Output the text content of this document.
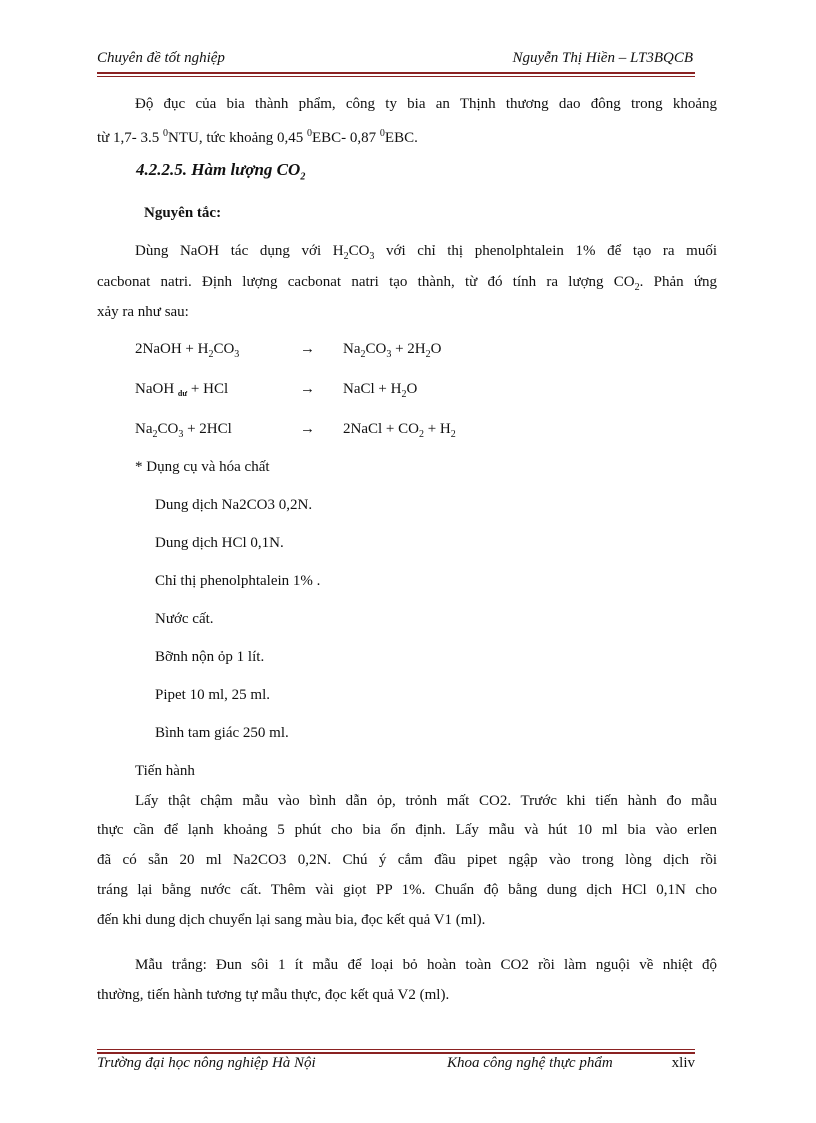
Chuyên đề tốt nghiệp	Nguyễn Thị Hiền – LT3BQCB
Độ đục của bia thành phẩm, công ty bia an Thịnh thương dao đông trong khoảng
từ 1,7- 3.5 $^0$NTU, tức khoảng 0,45 $^0$EBC- 0,87 $^0$EBC.
4.2.2.5. Hàm lượng $CO_2$
Nguyên tắc:
Dùng NaOH tác dụng với $H_2CO_3$ với chỉ thị phenolphtalein 1% để tạo ra muối
cacbonat natri. Định lượng cacbonat natri tạo thành, từ đó tính ra lượng $CO_2$. Phản ứng
xảy ra như sau:
2NaOH + $H_2CO_3$	→ $Na_2CO_3 + 2H_2O$
NaOH $_{dư}$ + HCl	→ NaCl + $H_2O$
$Na_2CO_3 + 2HCl$	→ 2NaCl + $CO_2 + H_2$
* Dụng cụ và hóa chất
Dung dịch Na2CO3 0,2N.
Dung dịch HCl 0,1N.
Chỉ thị phenolphtalein 1% .
Nước cất.
Bỡnh nộn ỏp 1 lít.
Pipet 10 ml, 25 ml.
Bình tam giác 250 ml.
Tiến hành
Lấy thật chậm mẫu vào bình dẫn ỏp, trỏnh mất CO2. Trước khi tiến hành đo mẫu
thực cần để lạnh khoảng 5 phút cho bia ổn định. Lấy mẫu và hút 10 ml bia vào erlen
đã có sẵn 20 ml Na2CO3 0,2N. Chú ý cắm đầu pipet ngập vào trong lòng dịch rồi
tráng lại bằng nước cất. Thêm vài giọt PP 1%. Chuẩn độ bằng dung dịch HCl 0,1N cho
đến khi dung dịch chuyển lại sang màu bia, đọc kết quả V1 (ml).
Mẫu trắng: Đun sôi 1 ít mẫu để loại bỏ hoàn toàn CO2 rồi làm nguội về nhiệt độ
thường, tiến hành tương tự mẫu thực, đọc kết quả V2 (ml).
Trường đại học nông nghiệp Hà Nội	Khoa công nghệ thực phẩm	xliv
